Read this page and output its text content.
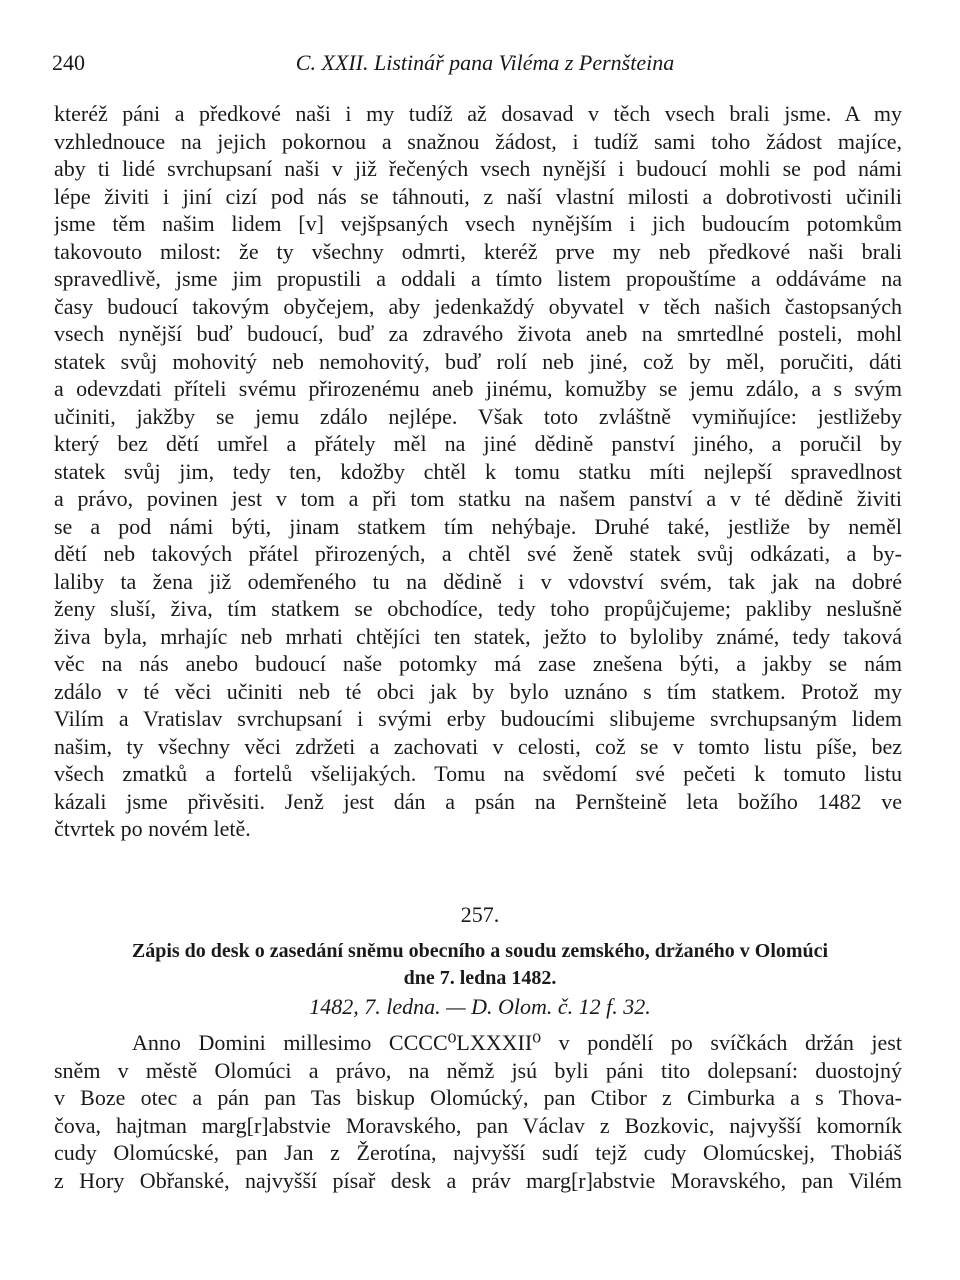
240	C. XXII. Listinář pana Viléma z Pernšteina
kteréž páni a předkové naši i my tudíž až dosavad v těch vsech brali jsme. A my
vzhlednouce na jejich pokornou a snažnou žádost, i tudíž sami toho žádost majíce,
aby ti lidé svrchupsaní naši v již řečených vsech nynější i budoucí mohli se pod námi
lépe živiti i jiní cizí pod nás se táhnouti, z naší vlastní milosti a dobrotivosti učinili
jsme těm našim lidem [v] vejšpsaných vsech nynějším i jich budoucím potomkům
takovouto milost: že ty všechny odmrti, kteréž prve my neb předkové naši brali
spravedlivě, jsme jim propustili a oddali a tímto listem propouštíme a oddáváme na
časy budoucí takovým obyčejem, aby jedenkaždý obyvatel v těch našich častopsaných
vsech nynější buď budoucí, buď za zdravého života aneb na smrtedlné posteli, mohl
statek svůj mohovitý neb nemohovitý, buď rolí neb jiné, což by měl, poručiti, dáti
a odevzdati příteli svému přirozenému aneb jinému, komužby se jemu zdálo, a s svým
učiniti, jakžby se jemu zdálo nejlépe. Však toto zvláštně vymiňujíce: jestližeby
který bez dětí umřel a přátely měl na jiné dědině panství jiného, a poručil by
statek svůj jim, tedy ten, kdožby chtěl k tomu statku míti nejlepší spravedlnost
a právo, povinen jest v tom a při tom statku na našem panství a v té dědině živiti
se a pod námi býti, jinam statkem tím nehýbaje. Druhé také, jestliže by neměl
dětí neb takových přátel přirozených, a chtěl své ženě statek svůj odkázati, a by-
laliby ta žena již odemřeného tu na dědině i v vdovství svém, tak jak na dobré
ženy sluší, živa, tím statkem se obchodíce, tedy toho propůjčujeme; pakliby neslušně
živa byla, mrhajíc neb mrhati chtějíci ten statek, ježto to byloliby známé, tedy taková
věc na nás anebo budoucí naše potomky má zase znešena býti, a jakby se nám
zdálo v té věci učiniti neb té obci jak by bylo uznáno s tím statkem. Protož my
Vilím a Vratislav svrchupsaní i svými erby budoucími slibujeme svrchupsaným lidem
našim, ty všechny věci zdržeti a zachovati v celosti, což se v tomto listu píše, bez
všech zmatků a fortelů všelijakých. Tomu na svědomí své pečeti k tomuto listu
kázali jsme přivěsiti. Jenž jest dán a psán na Pernšteině leta božího 1482 ve
čtvrtek po novém letě.
257.
Zápis do desk o zasedání sněmu obecního a soudu zemského, držaného v Olomúci
dne 7. ledna 1482.
1482, 7. ledna. — D. Olom. č. 12 f. 32.
Anno Domini millesimo CCCC⁰LXXXII⁰ v pondělí po svíčkách držán jest
sněm v městě Olomúci a právo, na němž jsú byli páni tito dolepsaní: duostojný
v Boze otec a pán pan Tas biskup Olomúcký, pan Ctibor z Cimburka a s Thova-
čova, hajtman marg[r]abstvie Moravského, pan Václav z Bozkovic, najvyšší komorník
cudy Olomúcské, pan Jan z Žerotína, najvyšší sudí tejž cudy Olomúcskej, Thobiáš
z Hory Obřanské, najvyšší písař desk a práv marg[r]abstvie Moravského, pan Vilém
